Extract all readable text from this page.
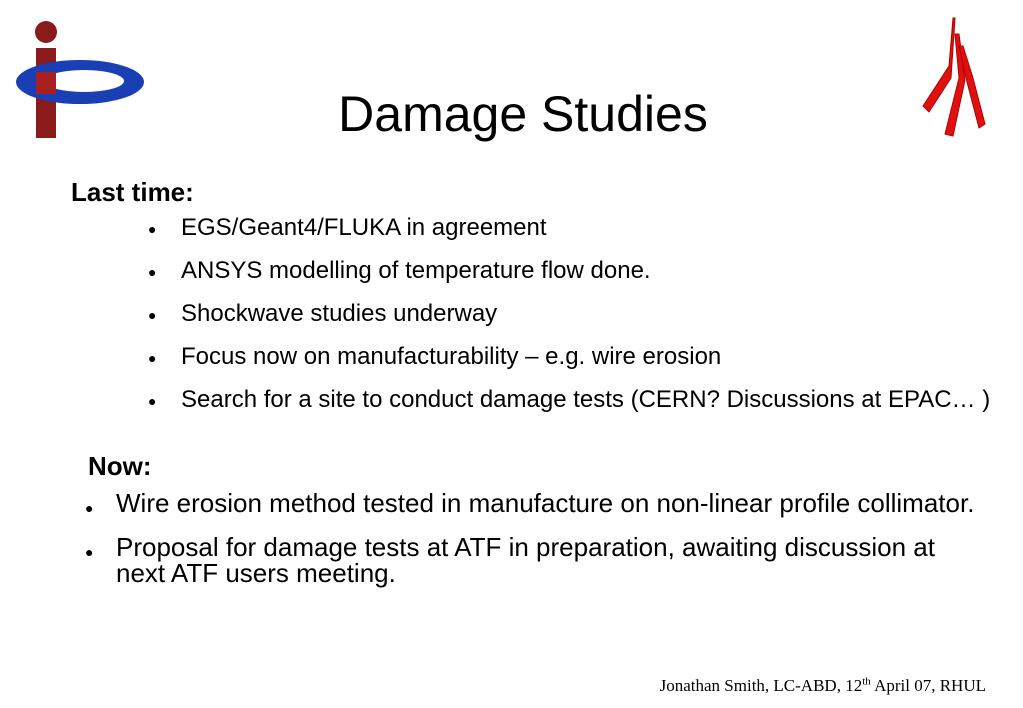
Damage Studies
Last time:
● EGS/Geant4/FLUKA in agreement
● ANSYS modelling of temperature flow done.
● Shockwave studies underway
● Focus now on manufacturability – e.g. wire erosion
● Search for a site to conduct damage tests (CERN? Discussions at EPAC… )
Now:
● Wire erosion method tested in manufacture on non-linear profile collimator.
● Proposal for damage tests at ATF in preparation, awaiting discussion at next ATF users meeting.
Jonathan Smith, LC-ABD, 12th April 07, RHUL
